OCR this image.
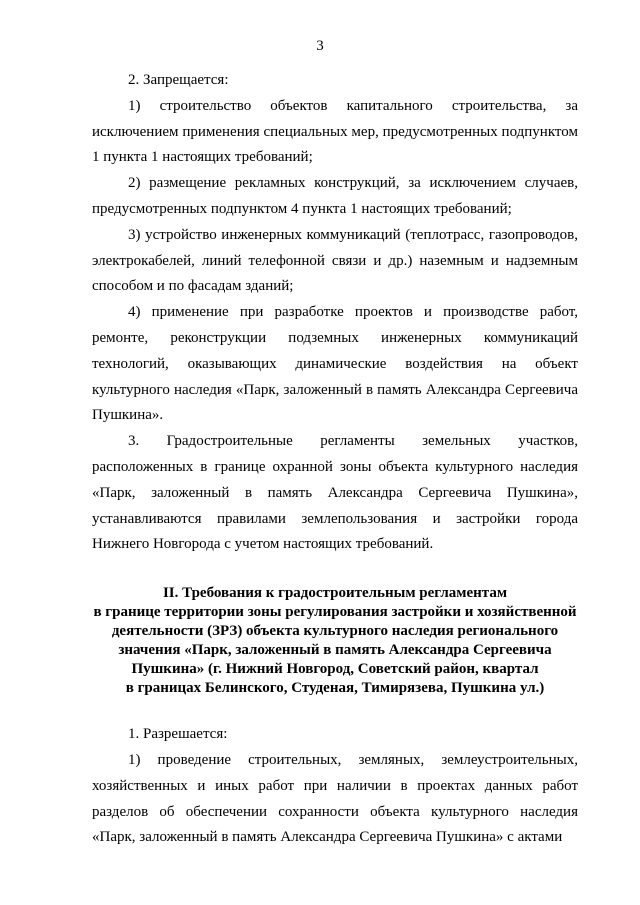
3

2. Запрещается:

1) строительство объектов капитального строительства, за исключением применения специальных мер, предусмотренных подпунктом 1 пункта 1 настоящих требований;

2) размещение рекламных конструкций, за исключением случаев, предусмотренных подпунктом 4 пункта 1 настоящих требований;

3) устройство инженерных коммуникаций (теплотрасс, газопроводов, электрокабелей, линий телефонной связи и др.) наземным и надземным способом и по фасадам зданий;

4) применение при разработке проектов и производстве работ, ремонте, реконструкции подземных инженерных коммуникаций технологий, оказывающих динамические воздействия на объект культурного наследия «Парк, заложенный в память Александра Сергеевича Пушкина».

3. Градостроительные регламенты земельных участков, расположенных в границе охранной зоны объекта культурного наследия «Парк, заложенный в память Александра Сергеевича Пушкина», устанавливаются правилами землепользования и застройки города Нижнего Новгорода с учетом настоящих требований.

II. Требования к градостроительным регламентам
в границе территории зоны регулирования застройки и хозяйственной
деятельности (ЗРЗ) объекта культурного наследия регионального
значения «Парк, заложенный в память Александра Сергеевича
Пушкина» (г. Нижний Новгород, Советский район, квартал
в границах Белинского, Студеная, Тимирязева, Пушкина ул.)

1. Разрешается:

1) проведение строительных, земляных, землеустроительных, хозяйственных и иных работ при наличии в проектах данных работ разделов об обеспечении сохранности объекта культурного наследия «Парк, заложенный в память Александра Сергеевича Пушкина» с актами
